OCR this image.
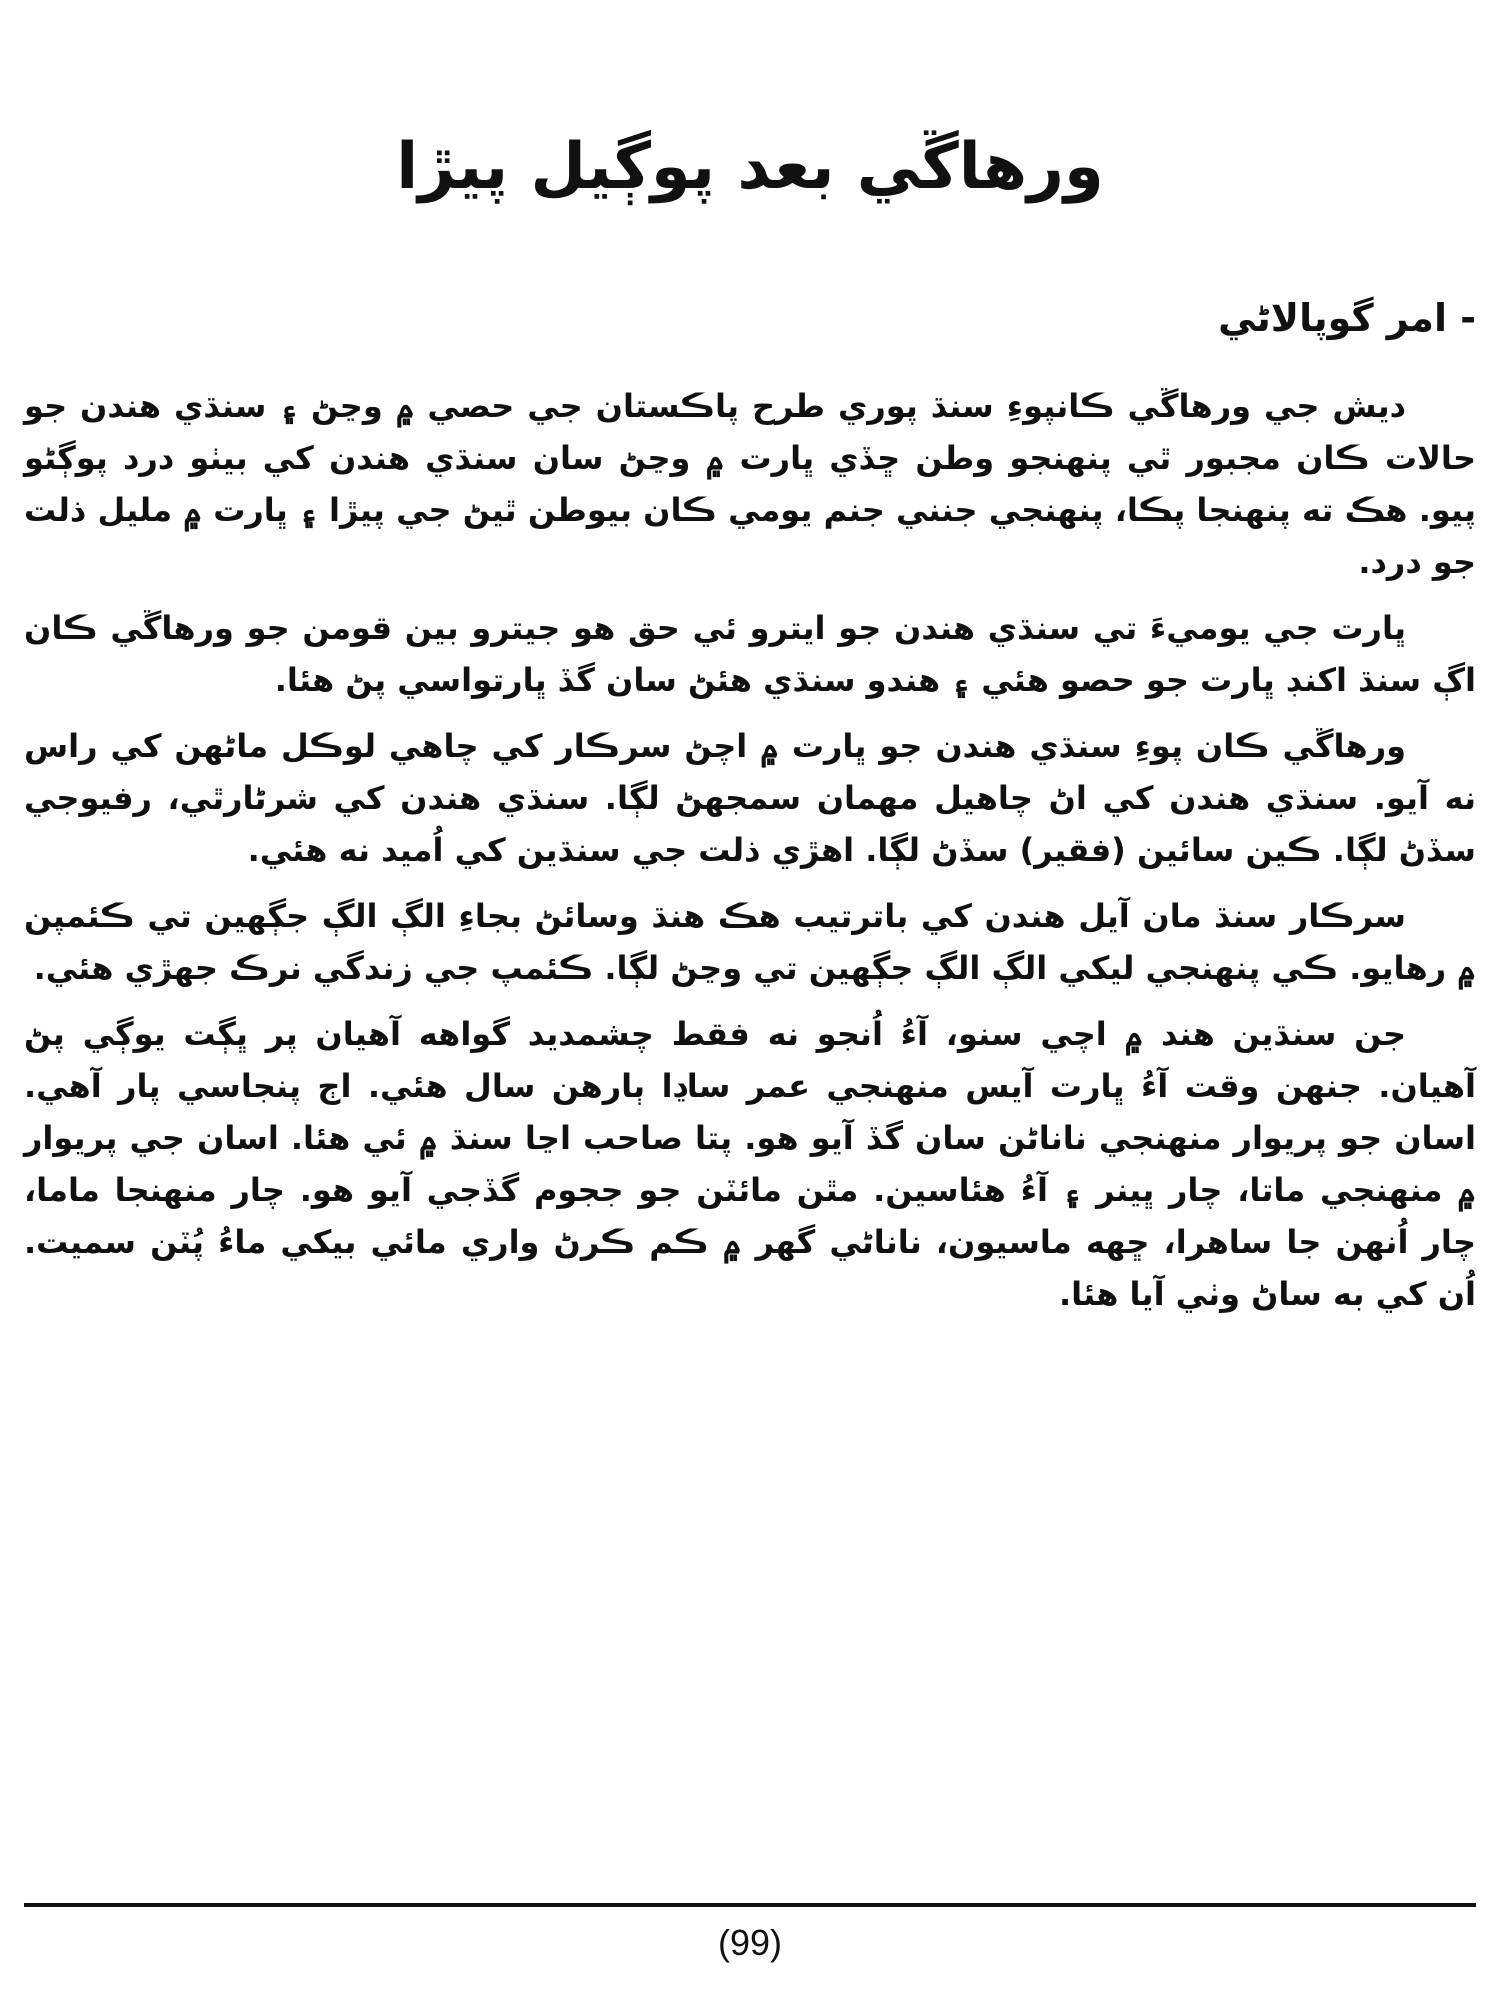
ورهاڱي بعد پوڳيل پيڙا

- امر گوپالاڻي

ديش جي ورهاڱي ڪانپوءِ سنڌ پوري طرح پاڪستان جي حصي ۾ وڃڻ ۽ سنڌي هندن جو حالات ڪان مجبور ٿي پنهنجو وطن ڇڏي ڀارت ۾ وڃڻ سان سنڌي هندن کي بيٺو درد پوڳڻو پيو. هڪ ته پنهنجا پڪا، پنهنجي جنني جنم يومي ڪان بيوطن ٿيڻ جي پيڙا ۽ ڀارت ۾ مليل ذلت جو درد.

ڀارت جي يوميءَ تي سنڌي هندن جو ايترو ئي حق هو جيترو بين قومن جو ورهاڱي ڪان اڳ سنڌ اکنڊ ڀارت جو حصو هئي ۽ هندو سنڌي هئڻ سان گڏ ڀارتواسي پڻ هئا.

ورهاڱي ڪان پوءِ سنڌي هندن جو ڀارت ۾ اچڻ سرڪار کي چاهي لوڪل ماڻهن کي راس نه آيو. سنڌي هندن کي اڻ چاهيل مهمان سمجهڻ لڳا. سنڌي هندن کي شرڻارٿي، رفيوجي سڏڻ لڳا. ڪين سائين (فقير) سڏڻ لڳا. اهڙي ذلت جي سنڌين کي اُميد نه هئي.

سرڪار سنڌ مان آيل هندن کي باترتيب هڪ هنڌ وسائڻ بجاءِ الڳ الڳ جڳهين تي ڪئمپن ۾ رهايو. ڪي پنهنجي ليکي الڳ الڳ جڳهين تي وڃڻ لڳا. ڪئمپ جي زندگي نرڪ جهڙي هئي.

جن سنڌين هند ۾ اچي سنو، آءُ اُنجو نه فقط چشمديد گواهه آهيان پر ڀڳت يوڳي پڻ آهيان. جنهن وقت آءُ ڀارت آيس منهنجي عمر ساڍا ٻارهن سال هئي. اڄ پنجاسي پار آهي. اسان جو پريوار منهنجي ناناڻن سان گڏ آيو هو. پتا صاحب اڃا سنڌ ۾ ئي هئا. اسان جي پريوار ۾ منهنجي ماتا، چار ڀينر ۽ آءُ هئاسين. مٿن مائٽن جو ججوم گڏجي آيو هو. چار منهنجا ماما، چار اُنهن جا ساهرا، ڇهه ماسيون، ناناڻي گهر ۾ ڪم ڪرڻ واري مائي بيکي ماءُ پُٽن سميت. اُن کي به ساڻ وٺي آيا هئا.

(99)
